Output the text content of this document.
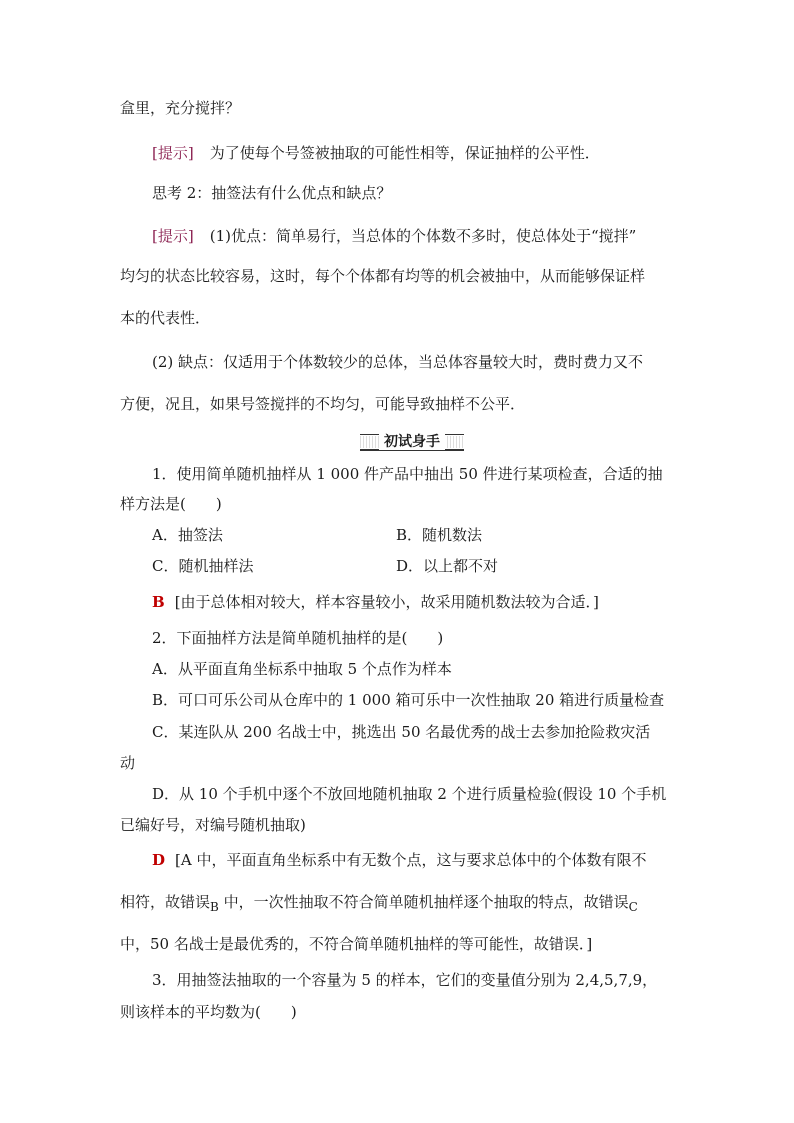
盒里，充分搅拌？
[提示] 为了使每个号签被抽取的可能性相等，保证抽样的公平性．
思考 2：抽签法有什么优点和缺点？
[提示] (1)优点：简单易行，当总体的个体数不多时，使总体处于“搅拌”
均匀的状态比较容易，这时，每个个体都有均等的机会被抽中，从而能够保证样
本的代表性．
(2) 缺点：仅适用于个体数较少的总体，当总体容量较大时，费时费力又不
方便，况且，如果号签搅拌的不均匀，可能导致抽样不公平．
初试身手
1．使用简单随机抽样从 1 000 件产品中抽出 50 件进行某项检查，合适的抽
样方法是(　　)
A．抽签法	B．随机数法
C．随机抽样法	D．以上都不对
B [由于总体相对较大，样本容量较小，故采用随机数法较为合适．]
2．下面抽样方法是简单随机抽样的是(　　)
A．从平面直角坐标系中抽取 5 个点作为样本
B．可口可乐公司从仓库中的 1 000 箱可乐中一次性抽取 20 箱进行质量检查
C．某连队从 200 名战士中，挑选出 50 名最优秀的战士去参加抢险救灾活
动
D．从 10 个手机中逐个不放回地随机抽取 2 个进行质量检验(假设 10 个手机
已编好号，对编号随机抽取)
D [A 中，平面直角坐标系中有无数个点，这与要求总体中的个体数有限不
相符，故错误$_B$ 中，一次性抽取不符合简单随机抽样逐个抽取的特点，故错误$_C$
中，50 名战士是最优秀的，不符合简单随机抽样的等可能性，故错误．]
3．用抽签法抽取的一个容量为 5 的样本，它们的变量值分别为 2,4,5,7,9，
则该样本的平均数为(　　)
